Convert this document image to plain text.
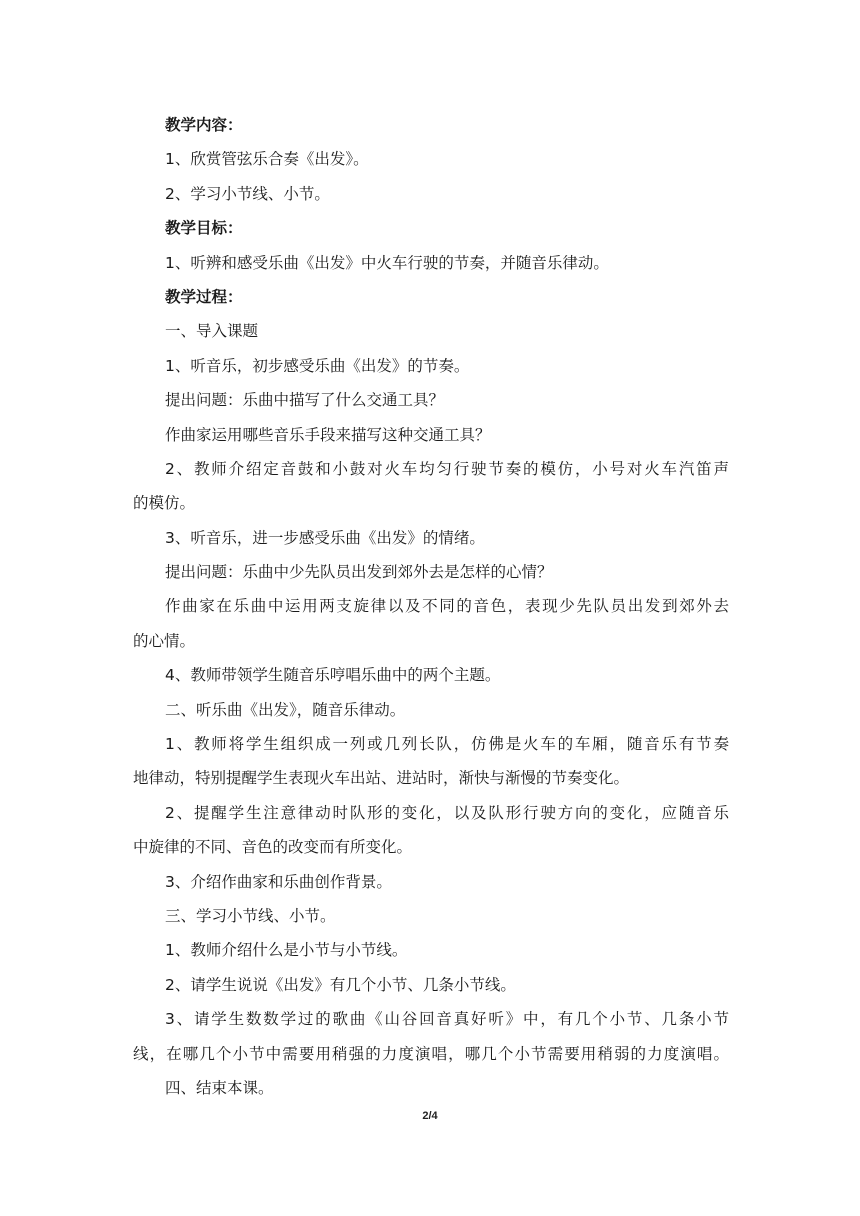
教学内容：
1、欣赏管弦乐合奏《出发》。
2、学习小节线、小节。
教学目标：
1、听辨和感受乐曲《出发》中火车行驶的节奏，并随音乐律动。
教学过程：
一、导入课题
1、听音乐，初步感受乐曲《出发》的节奏。
提出问题：乐曲中描写了什么交通工具？
作曲家运用哪些音乐手段来描写这种交通工具？
2、教师介绍定音鼓和小鼓对火车均匀行驶节奏的模仿，小号对火车汽笛声
的模仿。
3、听音乐，进一步感受乐曲《出发》的情绪。
提出问题：乐曲中少先队员出发到郊外去是怎样的心情？
作曲家在乐曲中运用两支旋律以及不同的音色，表现少先队员出发到郊外去
的心情。
4、教师带领学生随音乐哼唱乐曲中的两个主题。
二、听乐曲《出发》，随音乐律动。
1、教师将学生组织成一列或几列长队，仿佛是火车的车厢，随音乐有节奏
地律动，特别提醒学生表现火车出站、进站时，渐快与渐慢的节奏变化。
2、提醒学生注意律动时队形的变化，以及队形行驶方向的变化，应随音乐
中旋律的不同、音色的改变而有所变化。
3、介绍作曲家和乐曲创作背景。
三、学习小节线、小节。
1、教师介绍什么是小节与小节线。
2、请学生说说《出发》有几个小节、几条小节线。
3、请学生数数学过的歌曲《山谷回音真好听》中，有几个小节、几条小节
线，在哪几个小节中需要用稍强的力度演唱，哪几个小节需要用稍弱的力度演唱。
四、结束本课。
2/4
